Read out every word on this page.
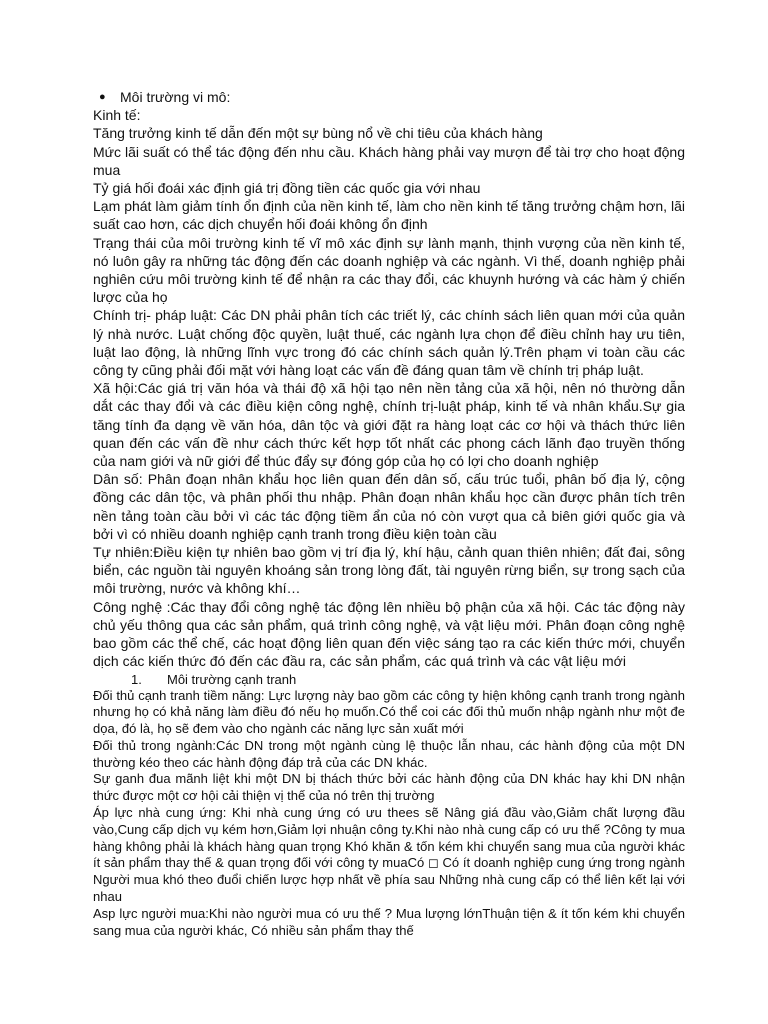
●	Môi trường vi mô:

Kinh tế:

Tăng trưởng kinh tế dẫn đến một sự bùng nổ về chi tiêu của khách hàng

Mức lãi suất có thể tác động đến nhu cầu. Khách hàng phải vay mượn để tài trợ cho hoạt động mua

Tỷ giá hối đoái xác định giá trị đồng tiền các quốc gia với nhau

Lạm phát làm giảm tính ổn định của nền kinh tế, làm cho nền kinh tế tăng trưởng chậm hơn, lãi suất cao hơn, các dịch chuyển hối đoái không ổn định

Trạng thái của môi trường kinh tế vĩ mô xác định sự lành mạnh, thịnh vượng của nền kinh tế, nó luôn gây ra những tác động đến các doanh nghiệp và các ngành. Vì thế, doanh nghiệp phải nghiên cứu môi trường kinh tế để nhận ra các thay đổi, các khuynh hướng và các hàm ý chiến lược của họ

Chính trị- pháp luật: Các DN phải phân tích các triết lý, các chính sách liên quan mới của quản lý nhà nước. Luật chống độc quyền, luật thuế, các ngành lựa chọn để điều chỉnh hay ưu tiên, luật lao động, là những lĩnh vực trong đó các chính sách quản lý.Trên phạm vi toàn cầu các công ty cũng phải đối mặt với hàng loạt các vấn đề đáng quan tâm về chính trị pháp luật.

Xã hội:Các giá trị văn hóa và thái độ xã hội tạo nên nền tảng của xã hội, nên nó thường dẫn dắt các thay đổi và các điều kiện công nghệ, chính trị-luật pháp, kinh tế và nhân khẩu.Sự gia tăng tính đa dạng về văn hóa, dân tộc và giới đặt ra hàng loạt các cơ hội và thách thức liên quan đến các vấn đề như cách thức kết hợp tốt nhất các phong cách lãnh đạo truyền thống của nam giới và nữ giới để thúc đẩy sự đóng góp của họ có lợi cho doanh nghiệp

Dân số: Phân đoạn nhân khẩu học liên quan đến dân số, cấu trúc tuổi, phân bố địa lý, cộng đồng các dân tộc, và phân phối thu nhập. Phân đoạn nhân khẩu học cần được phân tích trên nền tảng toàn cầu bởi vì các tác động tiềm ẩn của nó còn vượt qua cả biên giới quốc gia và bởi vì có nhiều doanh nghiệp cạnh tranh trong điều kiện toàn cầu

Tự nhiên:Điều kiện tự nhiên bao gồm vị trí địa lý, khí hậu, cảnh quan thiên nhiên; đất đai, sông biển, các nguồn tài nguyên khoáng sản trong lòng đất, tài nguyên rừng biển, sự trong sạch của môi trường, nước và không khí…

Công nghệ :Các thay đổi công nghệ tác động lên nhiều bộ phận của xã hội. Các tác động này chủ yếu thông qua các sản phẩm, quá trình công nghệ, và vật liệu mới. Phân đoạn công nghệ bao gồm các thể chế, các hoạt động liên quan đến việc sáng tạo ra các kiến thức mới, chuyển dịch các kiến thức đó đến các đầu ra, các sản phẩm, các quá trình và các vật liệu mới

1.	Môi trường cạnh tranh

Đối thủ cạnh tranh tiềm năng: Lực lượng này bao gồm các công ty hiện không cạnh tranh trong ngành nhưng họ có khả năng làm điều đó nếu họ muốn.Có thể coi các đối thủ muốn nhập ngành như một đe dọa, đó là, họ sẽ đem vào cho ngành các năng lực sản xuất mới

Đối thủ trong ngành:Các DN trong một ngành cùng lệ thuộc lẫn nhau, các hành động của một DN thường kéo theo các hành động đáp trả của các DN khác.

Sự ganh đua mãnh liệt khi một DN bị thách thức bởi các hành động của DN khác hay khi DN nhận thức được một cơ hội cải thiện vị thế của nó trên thị trường

Áp lực nhà cung ứng: Khi nhà cung ứng có ưu thees sẽ Nâng giá đầu vào,Giảm chất lượng đầu vào,Cung cấp dịch vụ kém hơn,Giảm lợi nhuận công ty.Khi nào nhà cung cấp có ưu thế ?Công ty mua hàng không phải là khách hàng quan trọng Khó khăn & tốn kém khi chuyển sang mua của người khác ít sản phẩm thay thế & quan trọng đối với công ty muaCó ◻ Có ít doanh nghiệp cung ứng trong ngành Người mua khó theo đuổi chiến lược hợp nhất về phía sau Những nhà cung cấp có thể liên kết lại với nhau

Asp lực người mua:Khi nào người mua có ưu thế ? Mua lượng lớnThuận tiện & ít tốn kém khi chuyển sang mua của người khác, Có nhiều sản phẩm thay thế
